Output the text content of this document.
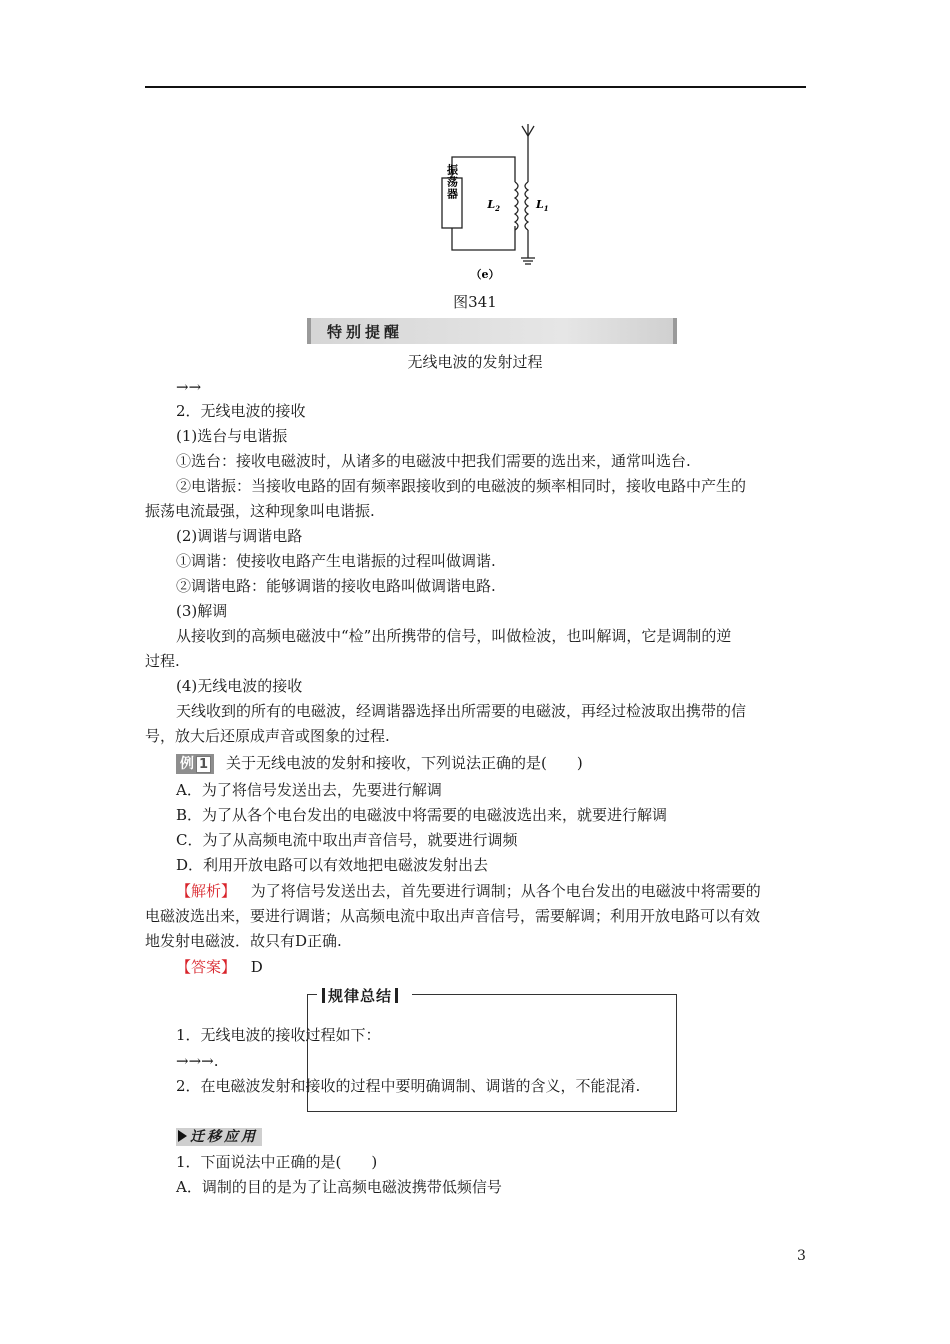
振荡器
$L_2$	$L_1$
（e）
图341
特别提醒
无线电波的发射过程
→→
2．无线电波的接收
(1)选台与电谐振
①选台：接收电磁波时，从诸多的电磁波中把我们需要的选出来，通常叫选台.
②电谐振：当接收电路的固有频率跟接收到的电磁波的频率相同时，接收电路中产生的
振荡电流最强，这种现象叫电谐振.
(2)调谐与调谐电路
①调谐：使接收电路产生电谐振的过程叫做调谐.
②调谐电路：能够调谐的接收电路叫做调谐电路.
(3)解调
从接收到的高频电磁波中“检”出所携带的信号，叫做检波，也叫解调，它是调制的逆
过程.
(4)无线电波的接收
天线收到的所有的电磁波，经调谐器选择出所需要的电磁波，再经过检波取出携带的信
号，放大后还原成声音或图象的过程.
例 1 关于无线电波的发射和接收，下列说法正确的是(　　)
A．为了将信号发送出去，先要进行解调
B．为了从各个电台发出的电磁波中将需要的电磁波选出来，就要进行解调
C．为了从高频电流中取出声音信号，就要进行调频
D．利用开放电路可以有效地把电磁波发射出去
【解析】 为了将信号发送出去，首先要进行调制；从各个电台发出的电磁波中将需要的
电磁波选出来，要进行调谐；从高频电流中取出声音信号，需要解调；利用开放电路可以有效
地发射电磁波．故只有D正确.
【答案】 D
规律总结
1．无线电波的接收过程如下：
→→→.
2．在电磁波发射和接收的过程中要明确调制、调谐的含义，不能混淆.
迁移应用
1．下面说法中正确的是(　　)
A．调制的目的是为了让高频电磁波携带低频信号
3
